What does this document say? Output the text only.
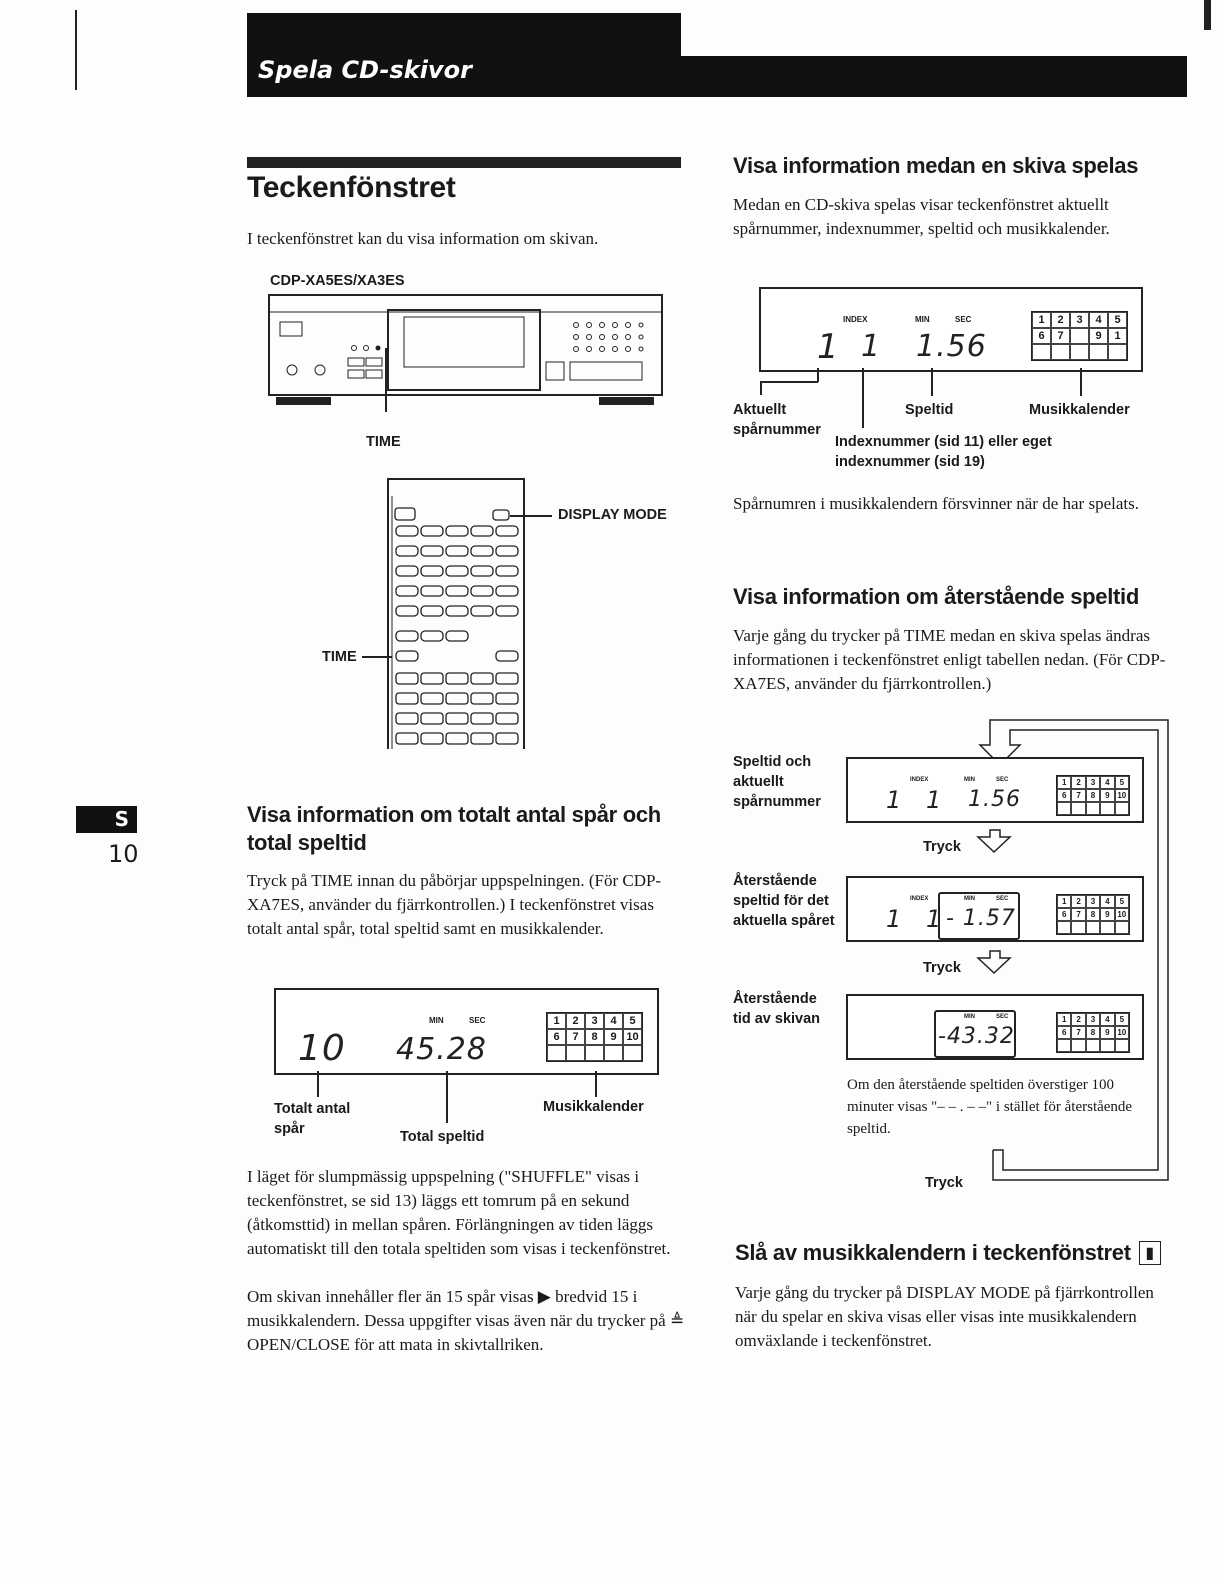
Spela CD-skivor
Teckenfönstret
I teckenfönstret kan du visa information om skivan.
CDP-XA5ES/XA3ES
TIME
DISPLAY MODE
TIME
S
10
Visa information om totalt antal spår och total speltid
Tryck på TIME innan du påbörjar uppspelningen. (För CDP-XA7ES, använder du fjärrkontrollen.) I teckenfönstret visas totalt antal spår, total speltid samt en musikkalender.
MIN	SEC
10 45.28
1	2	3	4	5
6	7	8	9 10
Totalt antal spår	Total speltid
Musikkalender
I läget för slumpmässig uppspelning ("SHUFFLE" visas i teckenfönstret, se sid 13) läggs ett tomrum på en sekund (åtkomsttid) in mellan spåren. Förlängningen av tiden läggs automatiskt till den totala speltiden som visas i teckenfönstret.
Om skivan innehåller fler än 15 spår visas ▶ bredvid 15 i musikkalendern. Dessa uppgifter visas även när du trycker på ≜ OPEN/CLOSE för att mata in skivtallriken.
Visa information medan en skiva spelas
Medan en CD-skiva spelas visar teckenfönstret aktuellt spårnummer, indexnummer, speltid och musikkalender.
INDEX	MIN	SEC
1 1 1.56
1	2	3	4	5
6	7	9	1
Aktuellt spårnummer
Speltid	Musikkalender
Indexnummer (sid 11) eller eget indexnummer (sid 19)
Spårnumren i musikkalendern försvinner när de har spelats.
Visa information om återstående speltid
Varje gång du trycker på TIME medan en skiva spelas ändras informationen i teckenfönstret enligt tabellen nedan. (För CDP-XA7ES, använder du fjärrkontrollen.)
Speltid och aktuellt spårnummer
INDEX	MIN	SEC
1 1 1.56
1	2	3	4	5
6	7	8	9 10
Återstående speltid för det aktuella spåret
INDEX	MIN	SEC
1 1 - 1.57
1	2	3	4	5
6	7	8	9 10
Återstående tid av skivan	MIN	SEC
-43.32
1	2	3	4	5
6	7	8	9 10
Tryck
Tryck
Tryck
Om den återstående speltiden överstiger 100 minuter visas "– – . – –" i stället för återstående speltid.
Slå av musikkalendern i teckenfönstret ▮
Varje gång du trycker på DISPLAY MODE på fjärrkontrollen när du spelar en skiva visas eller visas inte musikkalendern omväxlande i teckenfönstret.
